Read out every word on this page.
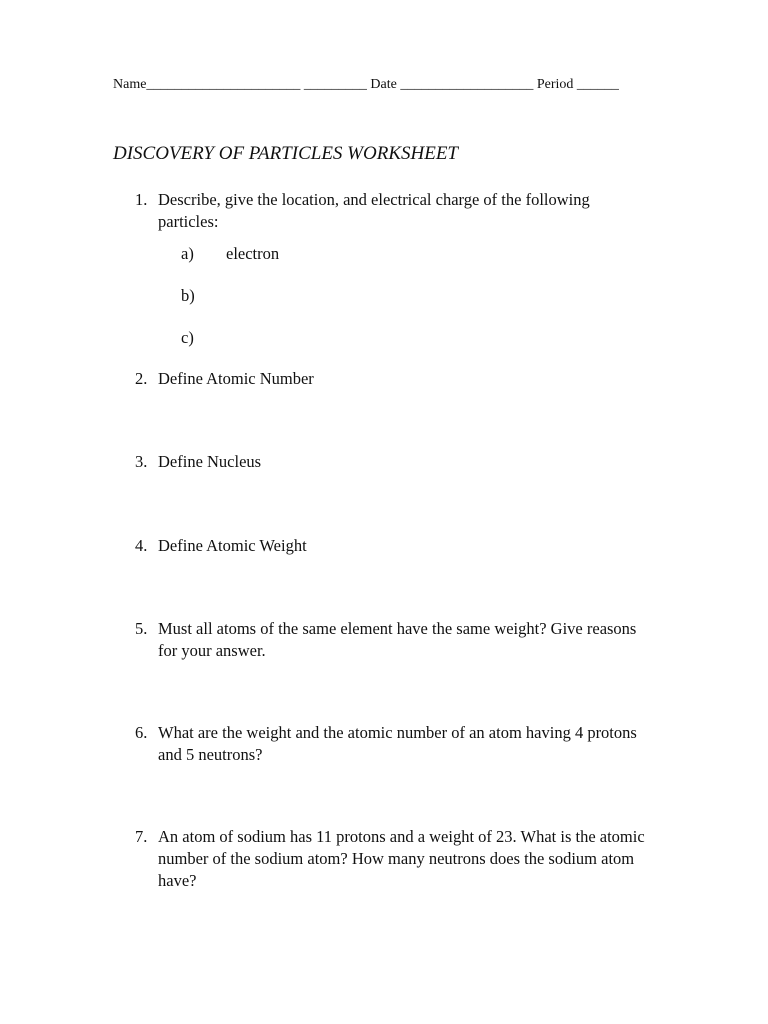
Name______________________ _________ Date ___________________ Period ______
DISCOVERY OF PARTICLES WORKSHEET
1. Describe, give the location, and electrical charge of the following particles:
a) electron
b)
c)
2. Define Atomic Number
3. Define Nucleus
4. Define Atomic Weight
5. Must all atoms of the same element have the same weight? Give reasons for your answer.
6. What are the weight and the atomic number of an atom having 4 protons and 5 neutrons?
7. An atom of sodium has 11 protons and a weight of 23. What is the atomic number of the sodium atom? How many neutrons does the sodium atom have?
